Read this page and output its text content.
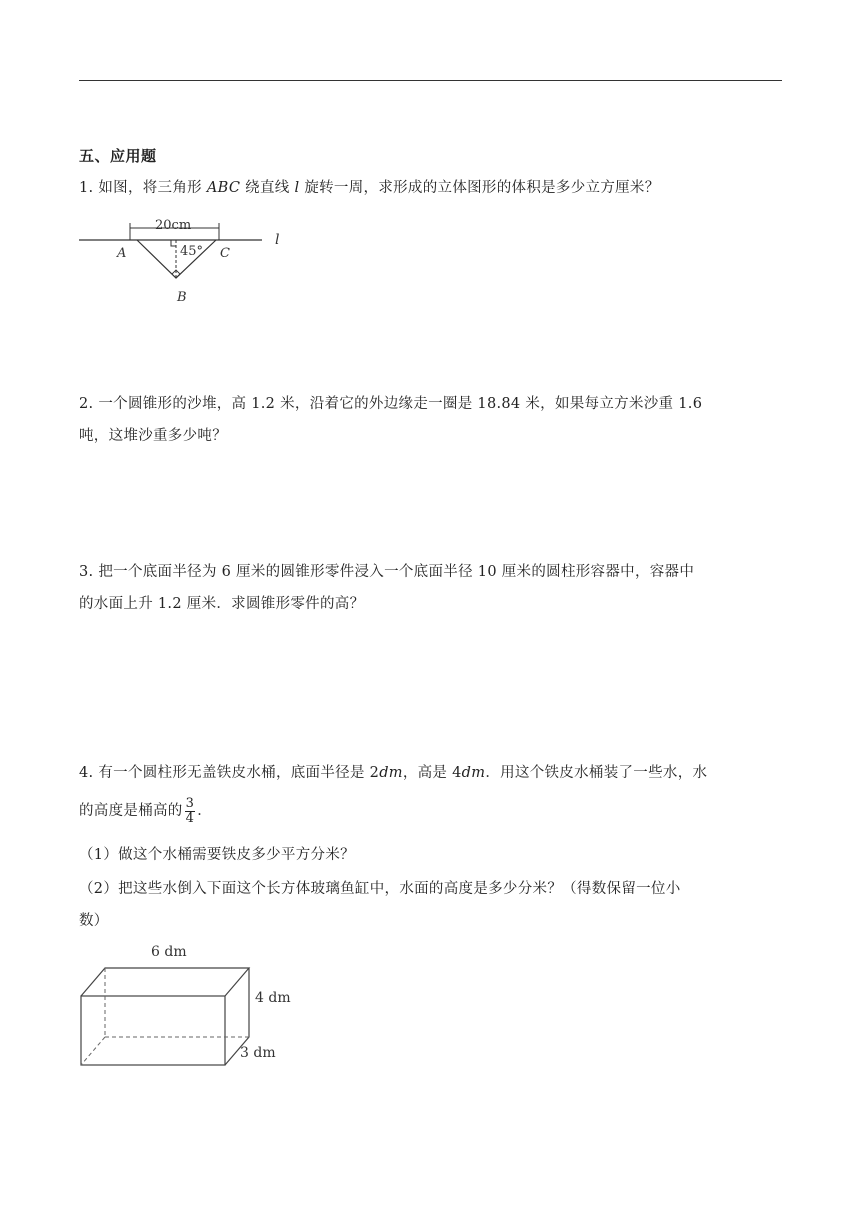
五、应用题
1. 如图，将三角形 ABC 绕直线 l 旋转一周，求形成的立体图形的体积是多少立方厘米？
l
20cm
45°
A	C
B
2. 一个圆锥形的沙堆，高 1.2 米，沿着它的外边缘走一圈是 18.84 米，如果每立方米沙重 1.6
吨，这堆沙重多少吨？
3. 把一个底面半径为 6 厘米的圆锥形零件浸入一个底面半径 10 厘米的圆柱形容器中，容器中
的水面上升 1.2 厘米．求圆锥形零件的高？
4. 有一个圆柱形无盖铁皮水桶，底面半径是 2dm，高是 4dm．用这个铁皮水桶装了一些水，水
的高度是桶高的 $\frac{3}{4}$ ．
（1）做这个水桶需要铁皮多少平方分米？
（2）把这些水倒入下面这个长方体玻璃鱼缸中，水面的高度是多少分米？（得数保留一位小
数）
6 dm
4 dm
3 dm
